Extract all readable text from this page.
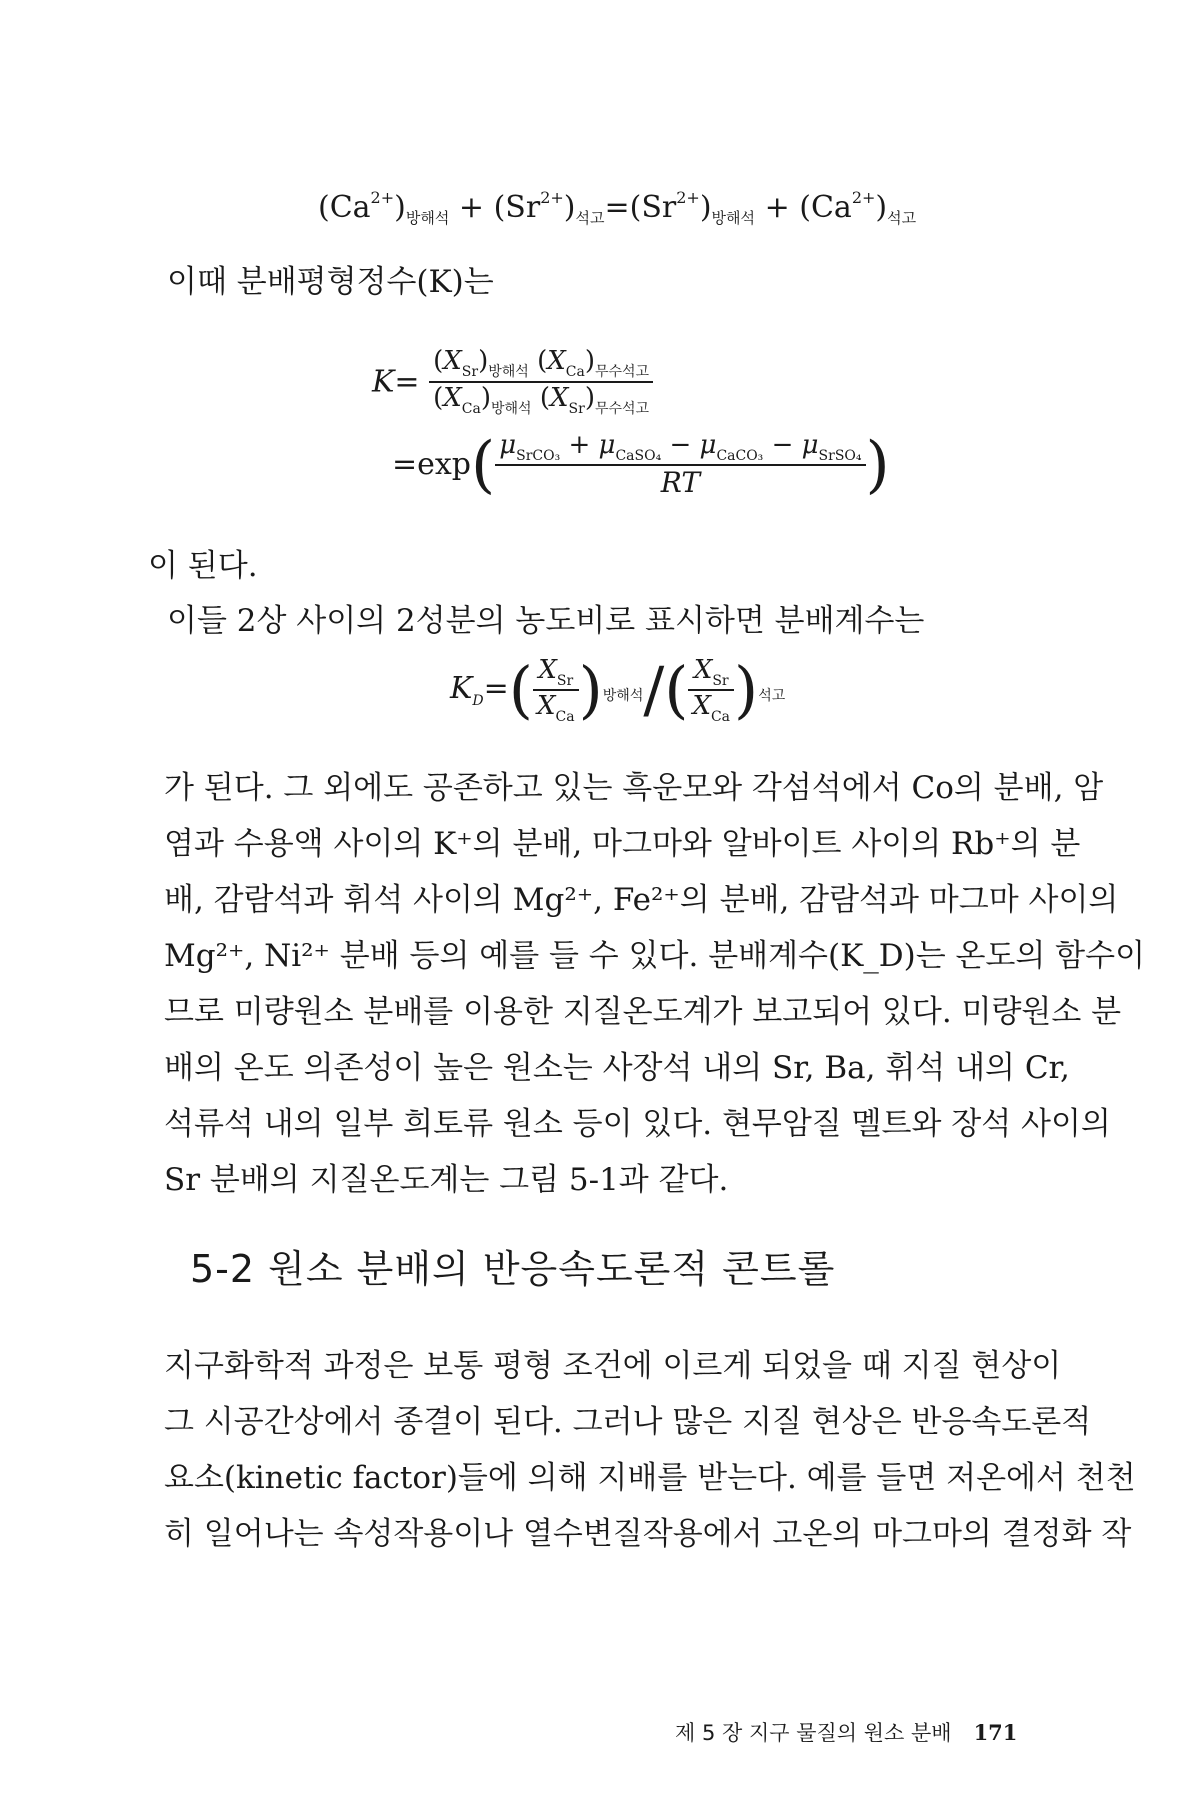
$(Ca^{2+})_{방해석} + (Sr^{2+})_{석고}=(Sr^{2+})_{방해석} + (Ca^{2+})_{석고}$
이때 분배평형정수(K)는
$K= \frac{(X_{Sr})_{방해석} (X_{Ca})_{무수석고}}{(X_{Ca})_{방해석} (X_{Sr})_{무수석고}}$
$=\exp( \frac{\mu_{SrCO_3} + \mu_{CaSO_4} - \mu_{CaCO_3} - \mu_{SrSO_4}}{RT}$ )
이 된다.
이들 2상 사이의 2성분의 농도비로 표시하면 분배계수는
$K_D=( \frac{X_{Sr}}{X_{Ca}}$ )방해석/( $\frac{X_{Sr}}{X_{Ca}}$ )석고
가 된다. 그 외에도 공존하고 있는 흑운모와 각섬석에서 Co의 분배, 암
염과 수용액 사이의 K⁺의 분배, 마그마와 알바이트 사이의 Rb⁺의 분
배, 감람석과 휘석 사이의 Mg²⁺, Fe²⁺의 분배, 감람석과 마그마 사이의
Mg²⁺, Ni²⁺ 분배 등의 예를 들 수 있다. 분배계수(K_D)는 온도의 함수이
므로 미량원소 분배를 이용한 지질온도계가 보고되어 있다. 미량원소 분
배의 온도 의존성이 높은 원소는 사장석 내의 Sr, Ba, 휘석 내의 Cr,
석류석 내의 일부 희토류 원소 등이 있다. 현무암질 멜트와 장석 사이의
Sr 분배의 지질온도계는 그림 5-1과 같다.
5-2 원소 분배의 반응속도론적 콘트롤
지구화학적 과정은 보통 평형 조건에 이르게 되었을 때 지질 현상이
그 시공간상에서 종결이 된다. 그러나 많은 지질 현상은 반응속도론적
요소(kinetic factor)들에 의해 지배를 받는다. 예를 들면 저온에서 천천
히 일어나는 속성작용이나 열수변질작용에서 고온의 마그마의 결정화 작
제 5 장 지구 물질의 원소 분배 171
